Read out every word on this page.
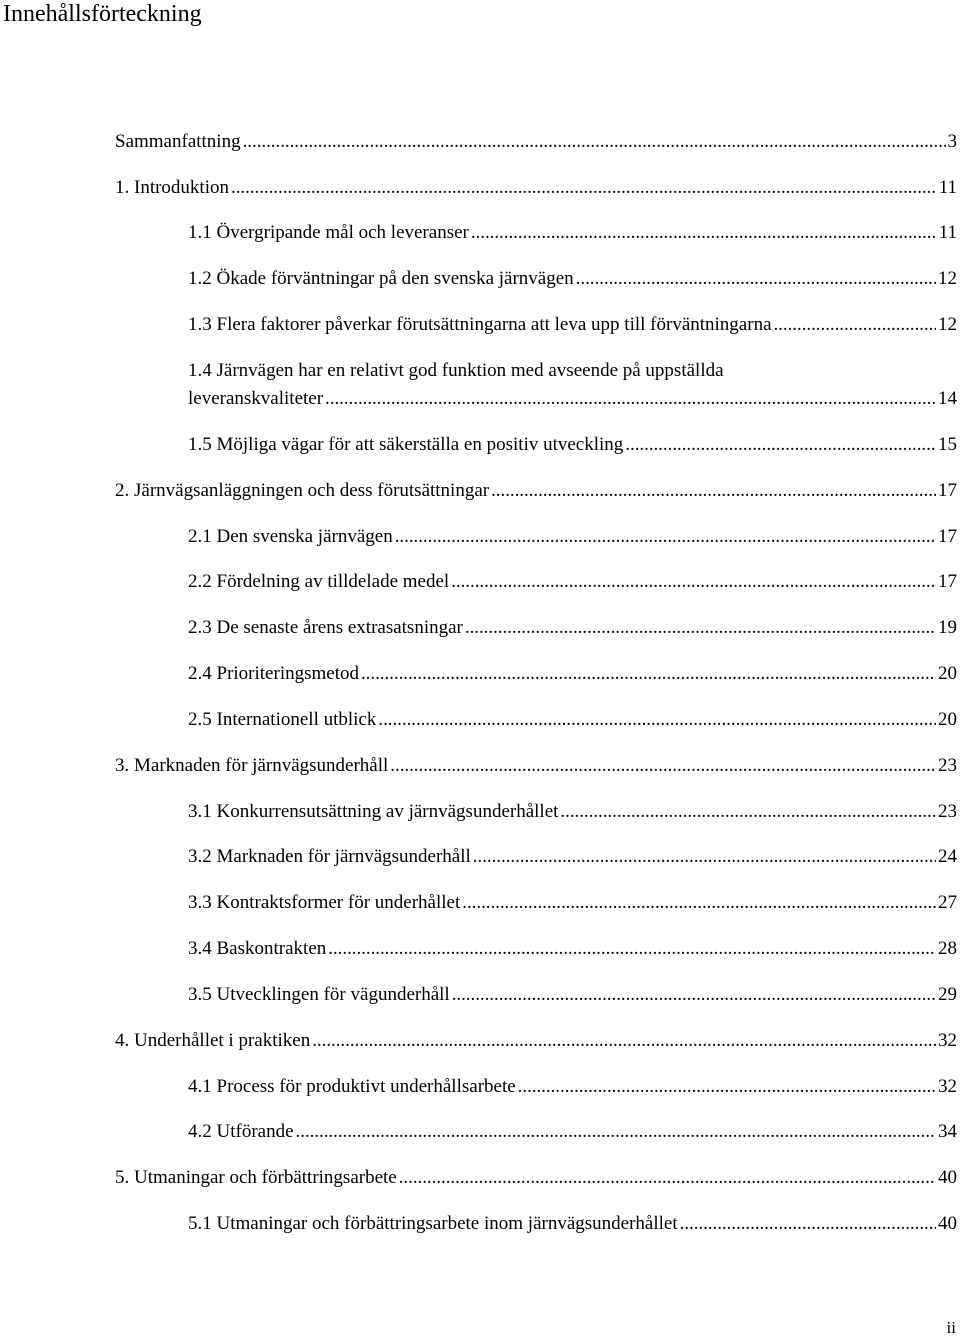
Innehållsförteckning
Sammanfattning . . .	3
1. Introduktion . . .	11
1.1 Övergripande mål och leveranser . . .	11
1.2 Ökade förväntningar på den svenska järnvägen . . .	12
1.3 Flera faktorer påverkar förutsättningarna att leva upp till förväntningarna . . .	12
1.4 Järnvägen har en relativt god funktion med avseende på uppställda
leveranskvaliteter . . .	14
1.5 Möjliga vägar för att säkerställa en positiv utveckling . . .	15
2. Järnvägsanläggningen och dess förutsättningar . . .	17
2.1 Den svenska järnvägen . . .	17
2.2 Fördelning av tilldelade medel . . .	17
2.3 De senaste årens extrasatsningar . . .	19
2.4 Prioriteringsmetod . . .	20
2.5 Internationell utblick . . .	20
3. Marknaden för järnvägsunderhåll . . .	23
3.1 Konkurrensutsättning av järnvägsunderhållet . . .	23
3.2 Marknaden för järnvägsunderhåll . . .	24
3.3 Kontraktsformer för underhållet . . .	27
3.4 Baskontrakten . . .	28
3.5 Utvecklingen för vägunderhåll . . .	29
4. Underhållet i praktiken . . .	32
4.1 Process för produktivt underhållsarbete . . .	32
4.2 Utförande . . .	34
5. Utmaningar och förbättringsarbete . . .	40
5.1 Utmaningar och förbättringsarbete inom järnvägsunderhållet . . .	40
ii
